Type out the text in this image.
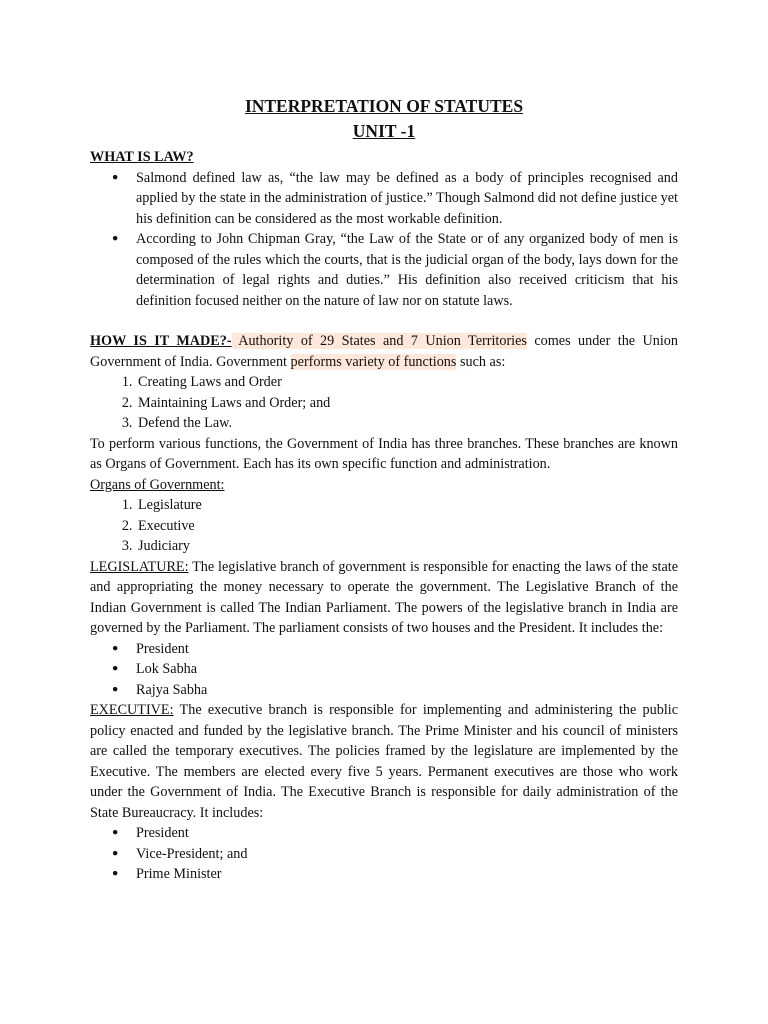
INTERPRETATION OF STATUTES
UNIT -1
WHAT IS LAW?
● Salmond defined law as, “the law may be defined as a body of principles recognised and applied by the state in the administration of justice.” Though Salmond did not define justice yet his definition can be considered as the most workable definition.
● According to John Chipman Gray, “the Law of the State or of any organized body of men is composed of the rules which the courts, that is the judicial organ of the body, lays down for the determination of legal rights and duties.” His definition also received criticism that his definition focused neither on the nature of law nor on statute laws.

HOW IS IT MADE?- Authority of 29 States and 7 Union Territories comes under the Union Government of India. Government performs variety of functions such as:

1. Creating Laws and Order
2. Maintaining Laws and Order; and
3. Defend the Law.

To perform various functions, the Government of India has three branches. These branches are known as Organs of Government. Each has its own specific function and administration.

Organs of Government:
1. Legislature
2. Executive
3. Judiciary

LEGISLATURE: The legislative branch of government is responsible for enacting the laws of the state and appropriating the money necessary to operate the government. The Legislative Branch of the Indian Government is called The Indian Parliament. The powers of the legislative branch in India are governed by the Parliament. The parliament consists of two houses and the President. It includes the:

● President
● Lok Sabha
● Rajya Sabha

EXECUTIVE: The executive branch is responsible for implementing and administering the public policy enacted and funded by the legislative branch. The Prime Minister and his council of ministers are called the temporary executives. The policies framed by the legislature are implemented by the Executive. The members are elected every five 5 years. Permanent executives are those who work under the Government of India. The Executive Branch is responsible for daily administration of the State Bureaucracy. It includes:

● President
● Vice-President; and
● Prime Minister
